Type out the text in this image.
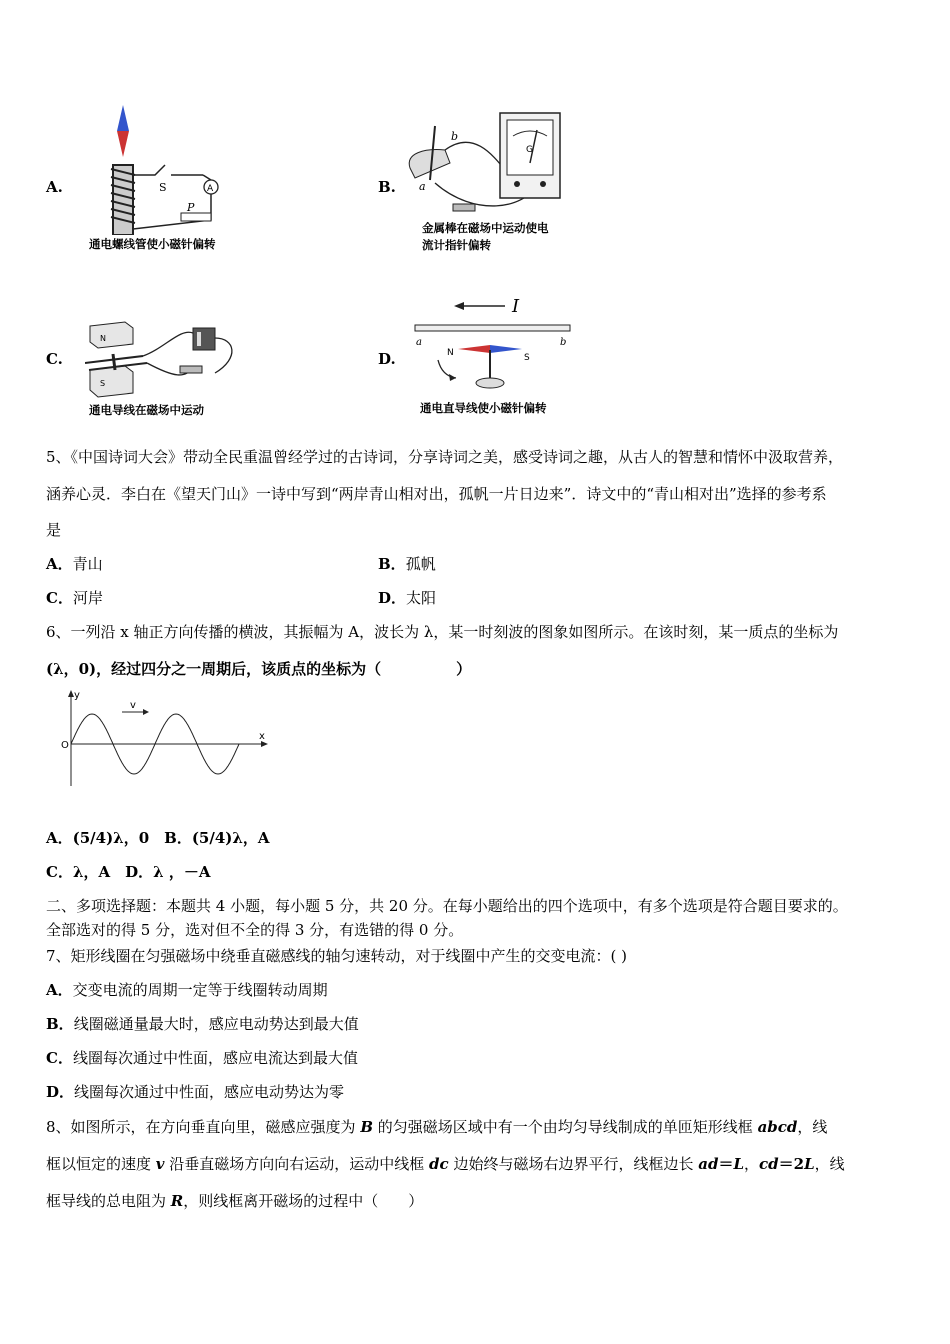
A.	S	A
P
通电螺线管使小磁针偏转
B.
b
a
G
金属棒在磁场中运动使电
流计指针偏转
C.
N
S
通电导线在磁场中运动
D.
I
a	b
N	S
通电直导线使小磁针偏转
5、《中国诗词大会》带动全民重温曾经学过的古诗词，分享诗词之美，感受诗词之趣，从古人的智慧和情怀中汲取营养，
涵养心灵．李白在《望天门山》一诗中写到“两岸青山相对出，孤帆一片日边来”．诗文中的“青山相对出”选择的参考系
是
A．青山	B．孤帆
C．河岸	D．太阳
6、一列沿 x 轴正方向传播的横波，其振幅为 A，波长为 λ，某一时刻波的图象如图所示。在该时刻，某一质点的坐标为
(λ，0)，经过四分之一周期后，该质点的坐标为（　　　　　）
y
x
O
v
A．(5/4)λ，0　B．(5/4)λ，A
C．λ，A　D．λ ，－A
二、多项选择题：本题共 4 小题，每小题 5 分，共 20 分。在每小题给出的四个选项中，有多个选项是符合题目要求的。
全部选对的得 5 分，选对但不全的得 3 分，有选错的得 0 分。
7、矩形线圈在匀强磁场中绕垂直磁感线的轴匀速转动，对于线圈中产生的交变电流：( )
A．交变电流的周期一定等于线圈转动周期
B．线圈磁通量最大时，感应电动势达到最大值
C．线圈每次通过中性面，感应电流达到最大值
D．线圈每次通过中性面，感应电动势达为零
8、如图所示，在方向垂直向里，磁感应强度为 B 的匀强磁场区域中有一个由均匀导线制成的单匝矩形线框 abcd，线
框以恒定的速度 v 沿垂直磁场方向向右运动，运动中线框 dc 边始终与磁场右边界平行，线框边长 ad＝L，cd＝2L，线
框导线的总电阻为 R，则线框离开磁场的过程中（　　）
